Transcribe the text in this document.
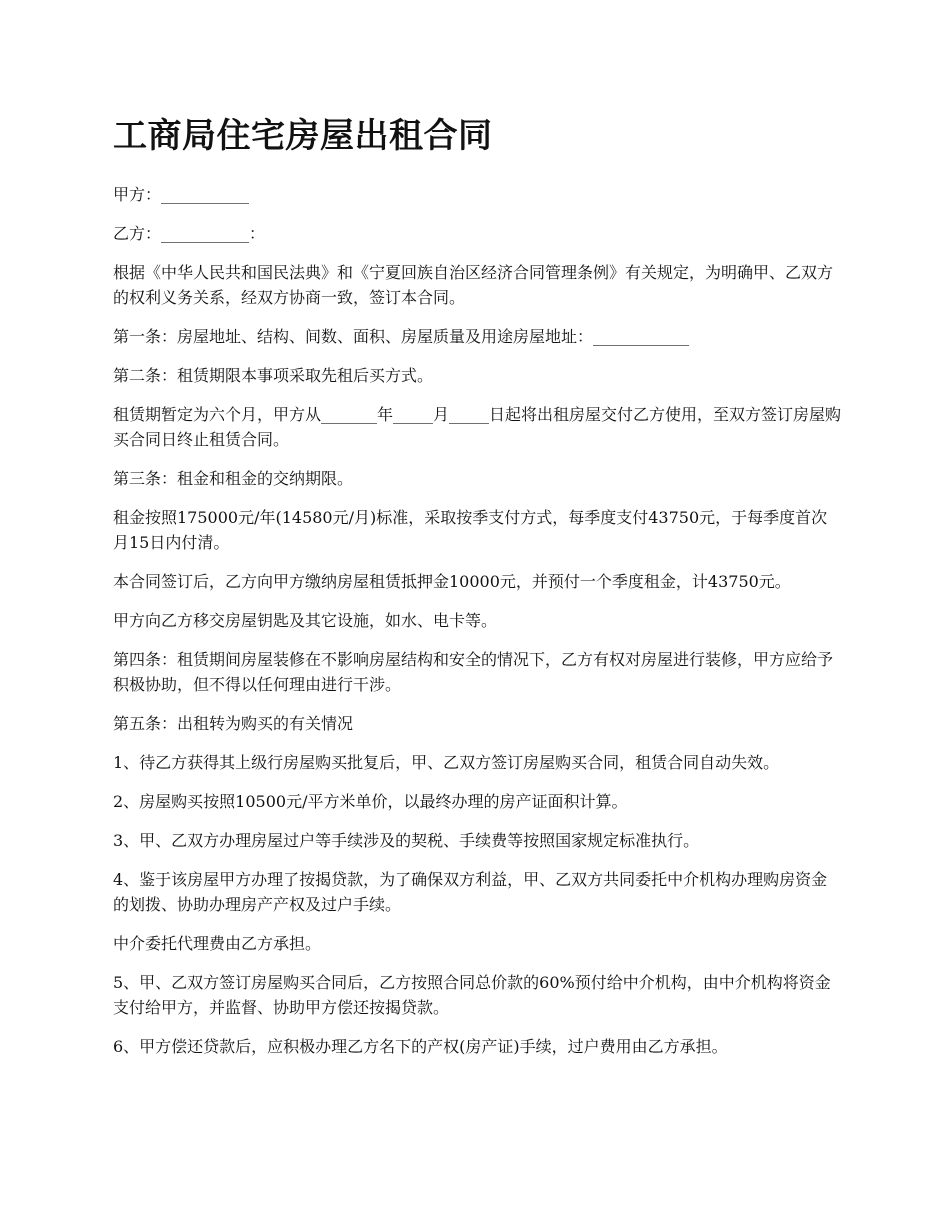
工商局住宅房屋出租合同

甲方：___________

乙方：___________：

根据《中华人民共和国民法典》和《宁夏回族自治区经济合同管理条例》有关规定，为明确甲、乙双方的权利义务关系，经双方协商一致，签订本合同。

第一条：房屋地址、结构、间数、面积、房屋质量及用途房屋地址：____________

第二条：租赁期限本事项采取先租后买方式。

租赁期暂定为六个月，甲方从_______年_____月_____日起将出租房屋交付乙方使用，至双方签订房屋购买合同日终止租赁合同。

第三条：租金和租金的交纳期限。

租金按照175000元/年(14580元/月)标准，采取按季支付方式，每季度支付43750元，于每季度首次月15日内付清。

本合同签订后，乙方向甲方缴纳房屋租赁抵押金10000元，并预付一个季度租金，计43750元。

甲方向乙方移交房屋钥匙及其它设施，如水、电卡等。

第四条：租赁期间房屋装修在不影响房屋结构和安全的情况下，乙方有权对房屋进行装修，甲方应给予积极协助，但不得以任何理由进行干涉。

第五条：出租转为购买的有关情况

1、待乙方获得其上级行房屋购买批复后，甲、乙双方签订房屋购买合同，租赁合同自动失效。

2、房屋购买按照10500元/平方米单价，以最终办理的房产证面积计算。

3、甲、乙双方办理房屋过户等手续涉及的契税、手续费等按照国家规定标准执行。

4、鉴于该房屋甲方办理了按揭贷款，为了确保双方利益，甲、乙双方共同委托中介机构办理购房资金的划拨、协助办理房产产权及过户手续。

中介委托代理费由乙方承担。

5、甲、乙双方签订房屋购买合同后，乙方按照合同总价款的60%预付给中介机构，由中介机构将资金支付给甲方，并监督、协助甲方偿还按揭贷款。

6、甲方偿还贷款后，应积极办理乙方名下的产权(房产证)手续，过户费用由乙方承担。
